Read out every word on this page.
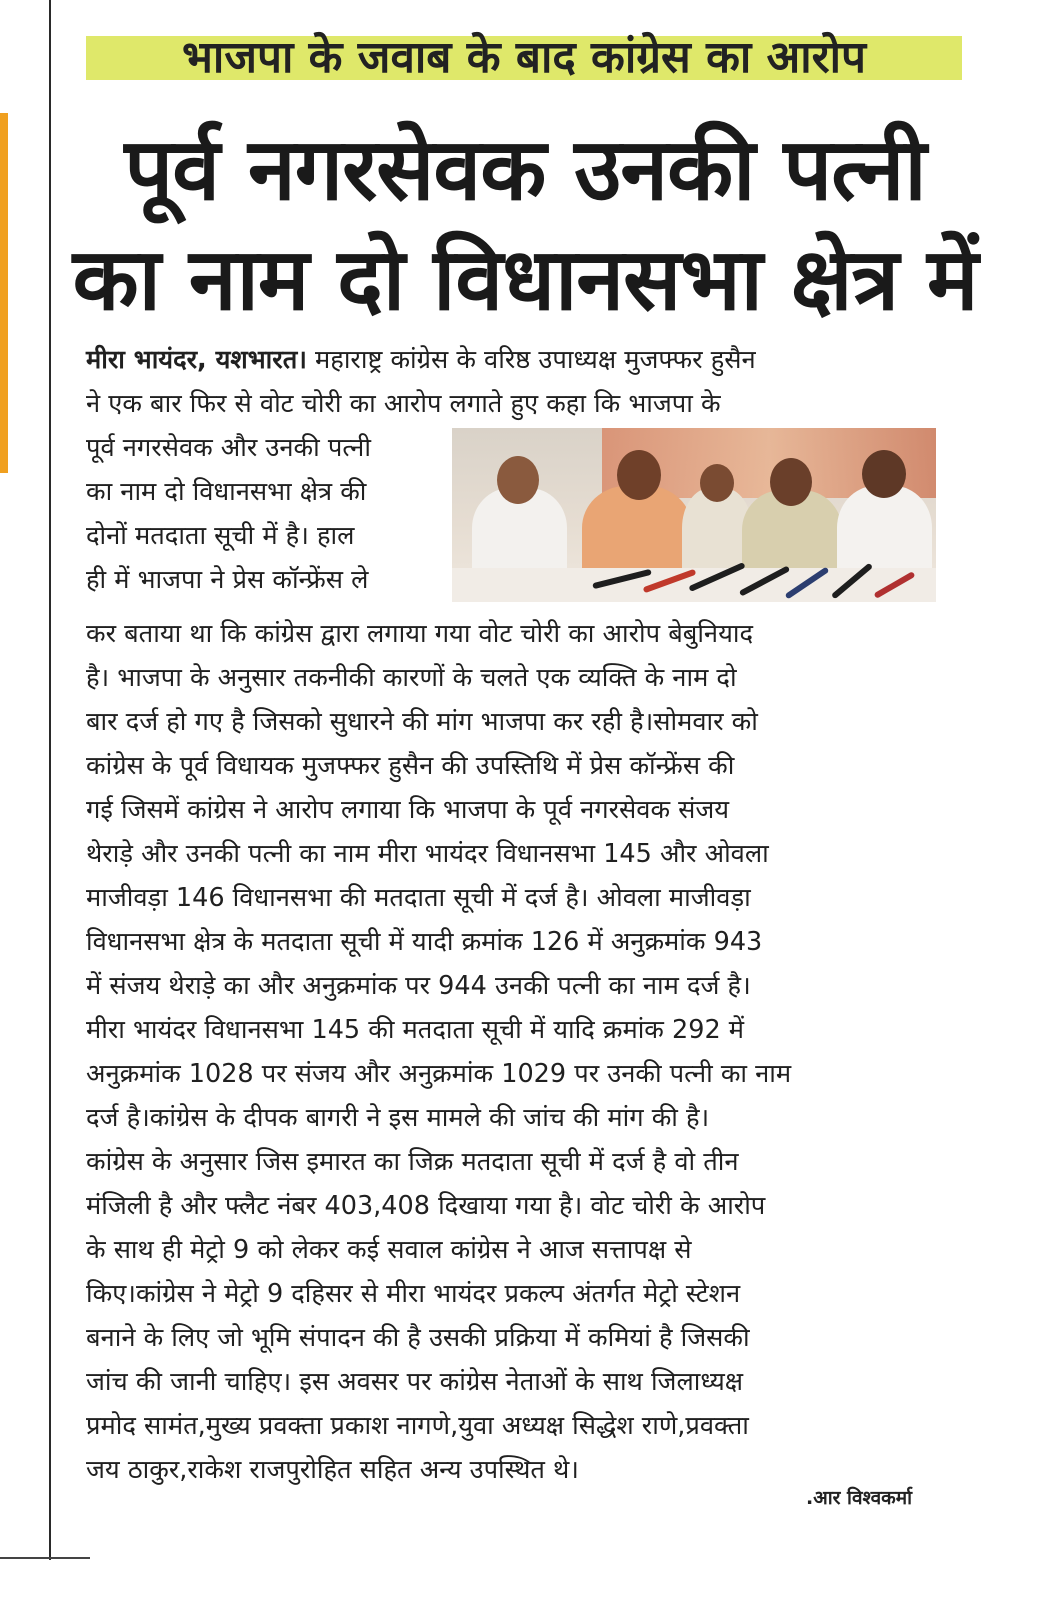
भाजपा के जवाब के बाद कांग्रेस का आरोप
पूर्व नगरसेवक उनकी पत्नी
का नाम दो विधानसभा क्षेत्र में
मीरा भायंदर, यशभारत। महाराष्ट्र कांग्रेस के वरिष्ठ उपाध्यक्ष मुजफ्फर हुसैन
ने एक बार फिर से वोट चोरी का आरोप लगाते हुए कहा कि भाजपा के
पूर्व नगरसेवक और उनकी पत्नी
का नाम दो विधानसभा क्षेत्र की
दोनों मतदाता सूची में है। हाल
ही में भाजपा ने प्रेस कॉन्फ्रेंस ले
कर बताया था कि कांग्रेस द्वारा लगाया गया वोट चोरी का आरोप बेबुनियाद
है। भाजपा के अनुसार तकनीकी कारणों के चलते एक व्यक्ति के नाम दो
बार दर्ज हो गए है जिसको सुधारने की मांग भाजपा कर रही है।सोमवार को
कांग्रेस के पूर्व विधायक मुजफ्फर हुसैन की उपस्तिथि में प्रेस कॉन्फ्रेंस की
गई जिसमें कांग्रेस ने आरोप लगाया कि भाजपा के पूर्व नगरसेवक संजय
थेराड़े और उनकी पत्नी का नाम मीरा भायंदर विधानसभा 145 और ओवला
माजीवड़ा 146 विधानसभा की मतदाता सूची में दर्ज है। ओवला माजीवड़ा
विधानसभा क्षेत्र के मतदाता सूची में यादी क्रमांक 126 में अनुक्रमांक 943
में संजय थेराड़े का और अनुक्रमांक पर 944 उनकी पत्नी का नाम दर्ज है।
मीरा भायंदर विधानसभा 145 की मतदाता सूची में यादि क्रमांक 292 में
अनुक्रमांक 1028 पर संजय और अनुक्रमांक 1029 पर उनकी पत्नी का नाम
दर्ज है।कांग्रेस के दीपक बागरी ने इस मामले की जांच की मांग की है।
कांग्रेस के अनुसार जिस इमारत का जिक्र मतदाता सूची में दर्ज है वो तीन
मंजिली है और फ्लैट नंबर 403,408 दिखाया गया है। वोट चोरी के आरोप
के साथ ही मेट्रो 9 को लेकर कई सवाल कांग्रेस ने आज सत्तापक्ष से
किए।कांग्रेस ने मेट्रो 9 दहिसर से मीरा भायंदर प्रकल्प अंतर्गत मेट्रो स्टेशन
बनाने के लिए जो भूमि संपादन की है उसकी प्रक्रिया में कमियां है जिसकी
जांच की जानी चाहिए। इस अवसर पर कांग्रेस नेताओं के साथ जिलाध्यक्ष
प्रमोद सामंत,मुख्य प्रवक्ता प्रकाश नागणे,युवा अध्यक्ष सिद्धेश राणे,प्रवक्ता
जय ठाकुर,राकेश राजपुरोहित सहित अन्य उपस्थित थे।
.आर विश्वकर्मा
